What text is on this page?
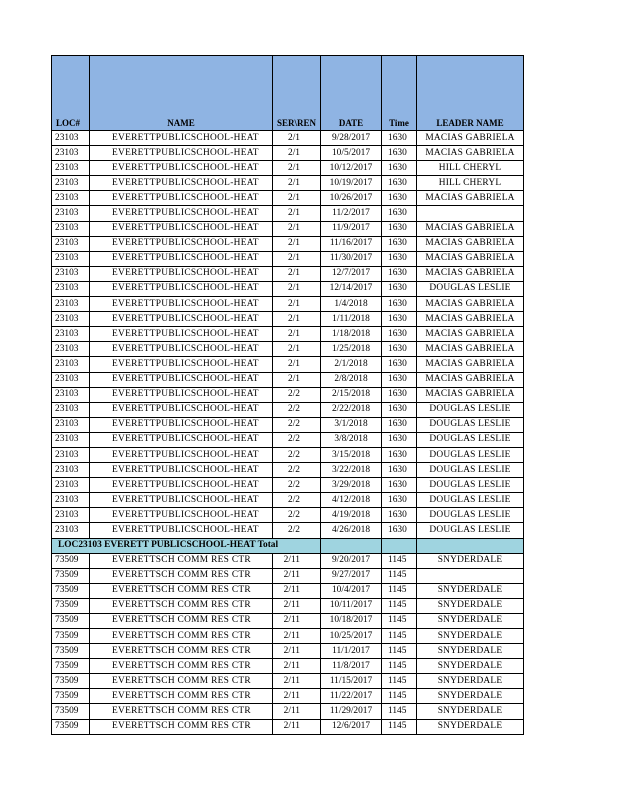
LOC#	NAME	SER\REN	DATE	Time	LEADER NAME
23103	EVERETTPUBLICSCHOOL-HEAT	2/1	9/28/2017	1630	MACIAS GABRIELA
23103	EVERETTPUBLICSCHOOL-HEAT	2/1	10/5/2017	1630	MACIAS GABRIELA
23103	EVERETTPUBLICSCHOOL-HEAT	2/1	10/12/2017	1630	HILL CHERYL
23103	EVERETTPUBLICSCHOOL-HEAT	2/1	10/19/2017	1630	HILL CHERYL
23103	EVERETTPUBLICSCHOOL-HEAT	2/1	10/26/2017	1630	MACIAS GABRIELA
23103	EVERETTPUBLICSCHOOL-HEAT	2/1	11/2/2017	1630	
23103	EVERETTPUBLICSCHOOL-HEAT	2/1	11/9/2017	1630	MACIAS GABRIELA
23103	EVERETTPUBLICSCHOOL-HEAT	2/1	11/16/2017	1630	MACIAS GABRIELA
23103	EVERETTPUBLICSCHOOL-HEAT	2/1	11/30/2017	1630	MACIAS GABRIELA
23103	EVERETTPUBLICSCHOOL-HEAT	2/1	12/7/2017	1630	MACIAS GABRIELA
23103	EVERETTPUBLICSCHOOL-HEAT	2/1	12/14/2017	1630	DOUGLAS LESLIE
23103	EVERETTPUBLICSCHOOL-HEAT	2/1	1/4/2018	1630	MACIAS GABRIELA
23103	EVERETTPUBLICSCHOOL-HEAT	2/1	1/11/2018	1630	MACIAS GABRIELA
23103	EVERETTPUBLICSCHOOL-HEAT	2/1	1/18/2018	1630	MACIAS GABRIELA
23103	EVERETTPUBLICSCHOOL-HEAT	2/1	1/25/2018	1630	MACIAS GABRIELA
23103	EVERETTPUBLICSCHOOL-HEAT	2/1	2/1/2018	1630	MACIAS GABRIELA
23103	EVERETTPUBLICSCHOOL-HEAT	2/1	2/8/2018	1630	MACIAS GABRIELA
23103	EVERETTPUBLICSCHOOL-HEAT	2/2	2/15/2018	1630	MACIAS GABRIELA
23103	EVERETTPUBLICSCHOOL-HEAT	2/2	2/22/2018	1630	DOUGLAS LESLIE
23103	EVERETTPUBLICSCHOOL-HEAT	2/2	3/1/2018	1630	DOUGLAS LESLIE
23103	EVERETTPUBLICSCHOOL-HEAT	2/2	3/8/2018	1630	DOUGLAS LESLIE
23103	EVERETTPUBLICSCHOOL-HEAT	2/2	3/15/2018	1630	DOUGLAS LESLIE
23103	EVERETTPUBLICSCHOOL-HEAT	2/2	3/22/2018	1630	DOUGLAS LESLIE
23103	EVERETTPUBLICSCHOOL-HEAT	2/2	3/29/2018	1630	DOUGLAS LESLIE
23103	EVERETTPUBLICSCHOOL-HEAT	2/2	4/12/2018	1630	DOUGLAS LESLIE
23103	EVERETTPUBLICSCHOOL-HEAT	2/2	4/19/2018	1630	DOUGLAS LESLIE
23103	EVERETTPUBLICSCHOOL-HEAT	2/2	4/26/2018	1630	DOUGLAS LESLIE
LOC23103 EVERETT PUBLICSCHOOL-HEAT Total					
73509	EVERETTSCH COMM RES CTR	2/11	9/20/2017	1145	SNYDERDALE
73509	EVERETTSCH COMM RES CTR	2/11	9/27/2017	1145	
73509	EVERETTSCH COMM RES CTR	2/11	10/4/2017	1145	SNYDERDALE
73509	EVERETTSCH COMM RES CTR	2/11	10/11/2017	1145	SNYDERDALE
73509	EVERETTSCH COMM RES CTR	2/11	10/18/2017	1145	SNYDERDALE
73509	EVERETTSCH COMM RES CTR	2/11	10/25/2017	1145	SNYDERDALE
73509	EVERETTSCH COMM RES CTR	2/11	11/1/2017	1145	SNYDERDALE
73509	EVERETTSCH COMM RES CTR	2/11	11/8/2017	1145	SNYDERDALE
73509	EVERETTSCH COMM RES CTR	2/11	11/15/2017	1145	SNYDERDALE
73509	EVERETTSCH COMM RES CTR	2/11	11/22/2017	1145	SNYDERDALE
73509	EVERETTSCH COMM RES CTR	2/11	11/29/2017	1145	SNYDERDALE
73509	EVERETTSCH COMM RES CTR	2/11	12/6/2017	1145	SNYDERDALE
